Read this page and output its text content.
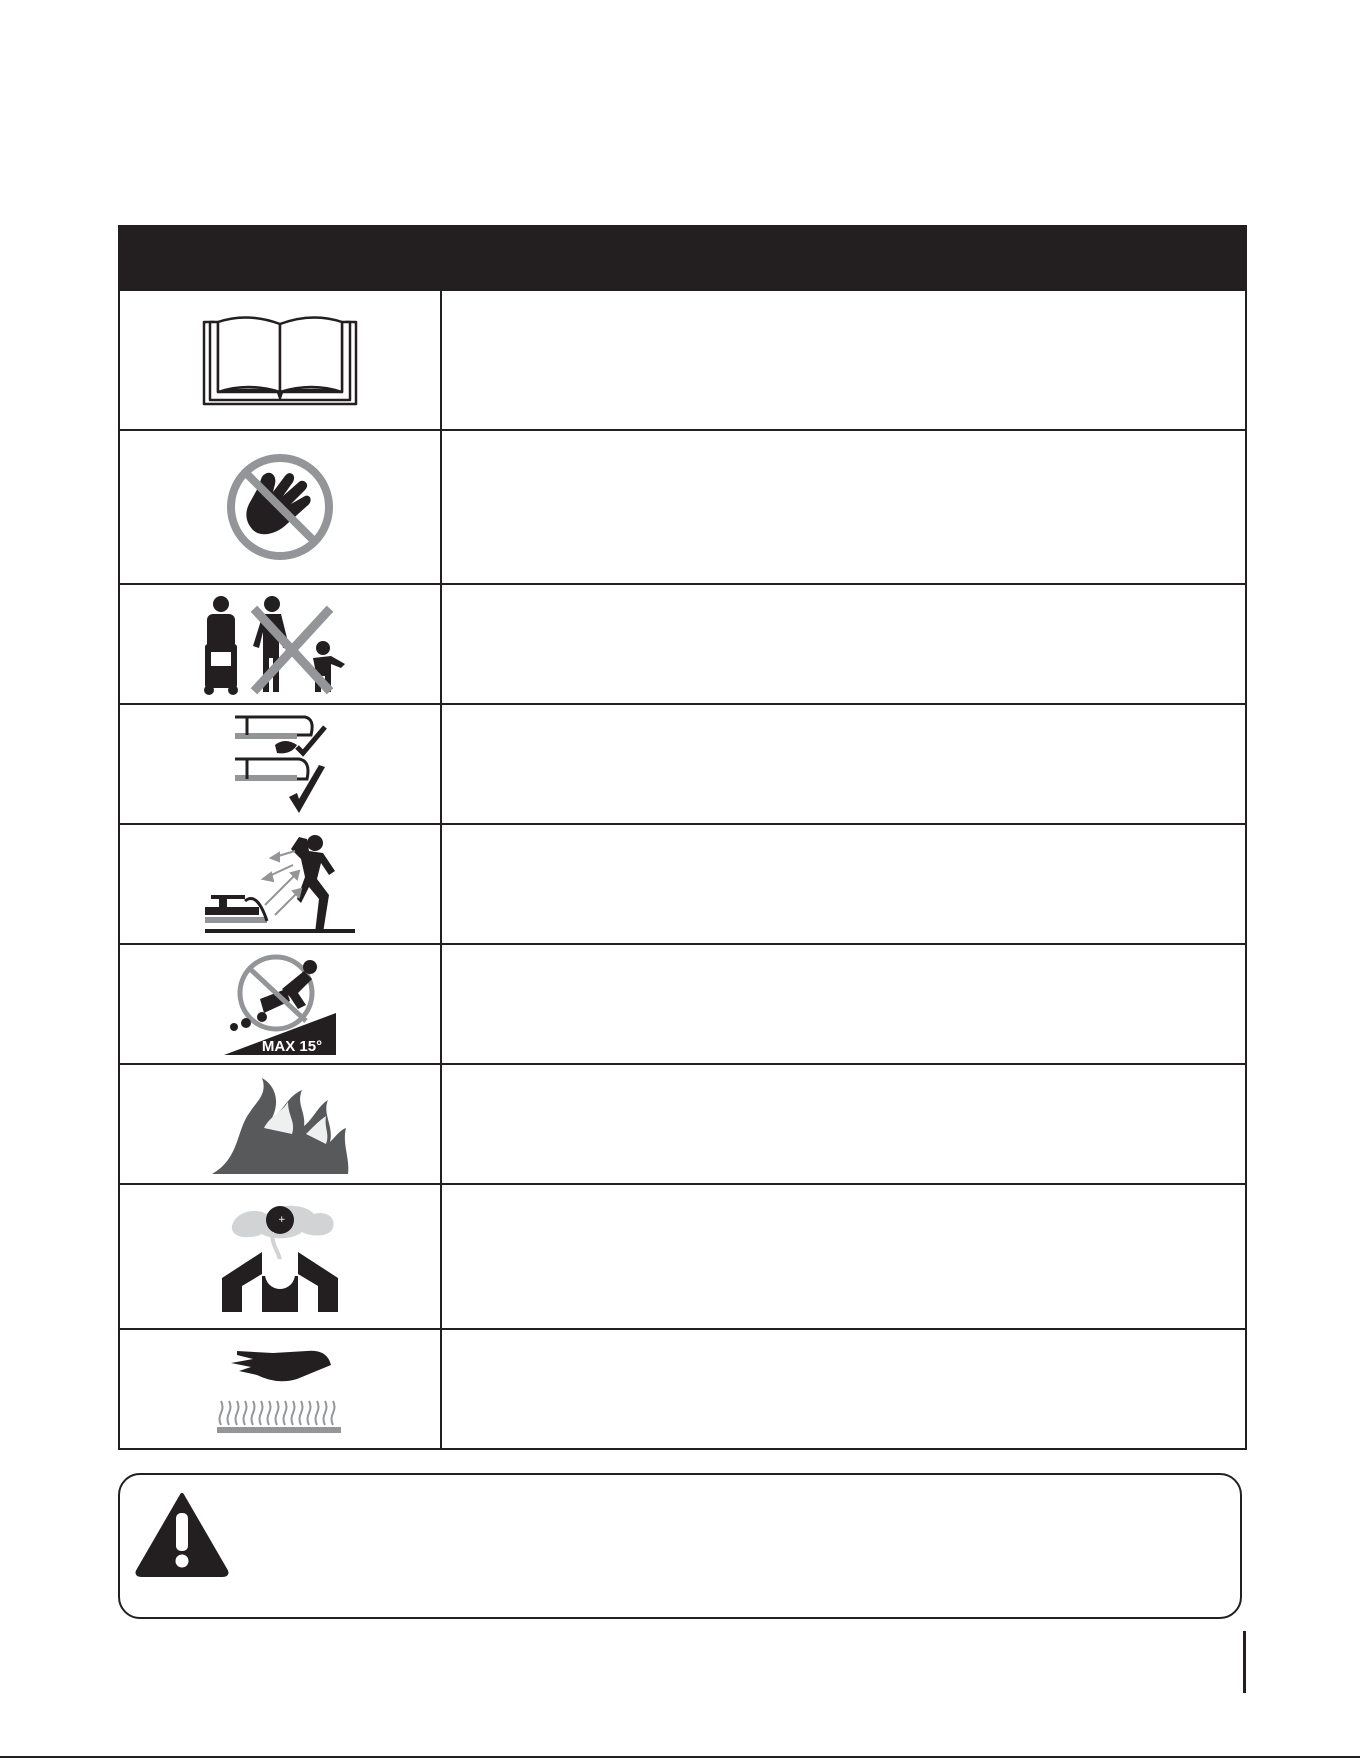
MAX 15°	

+	
